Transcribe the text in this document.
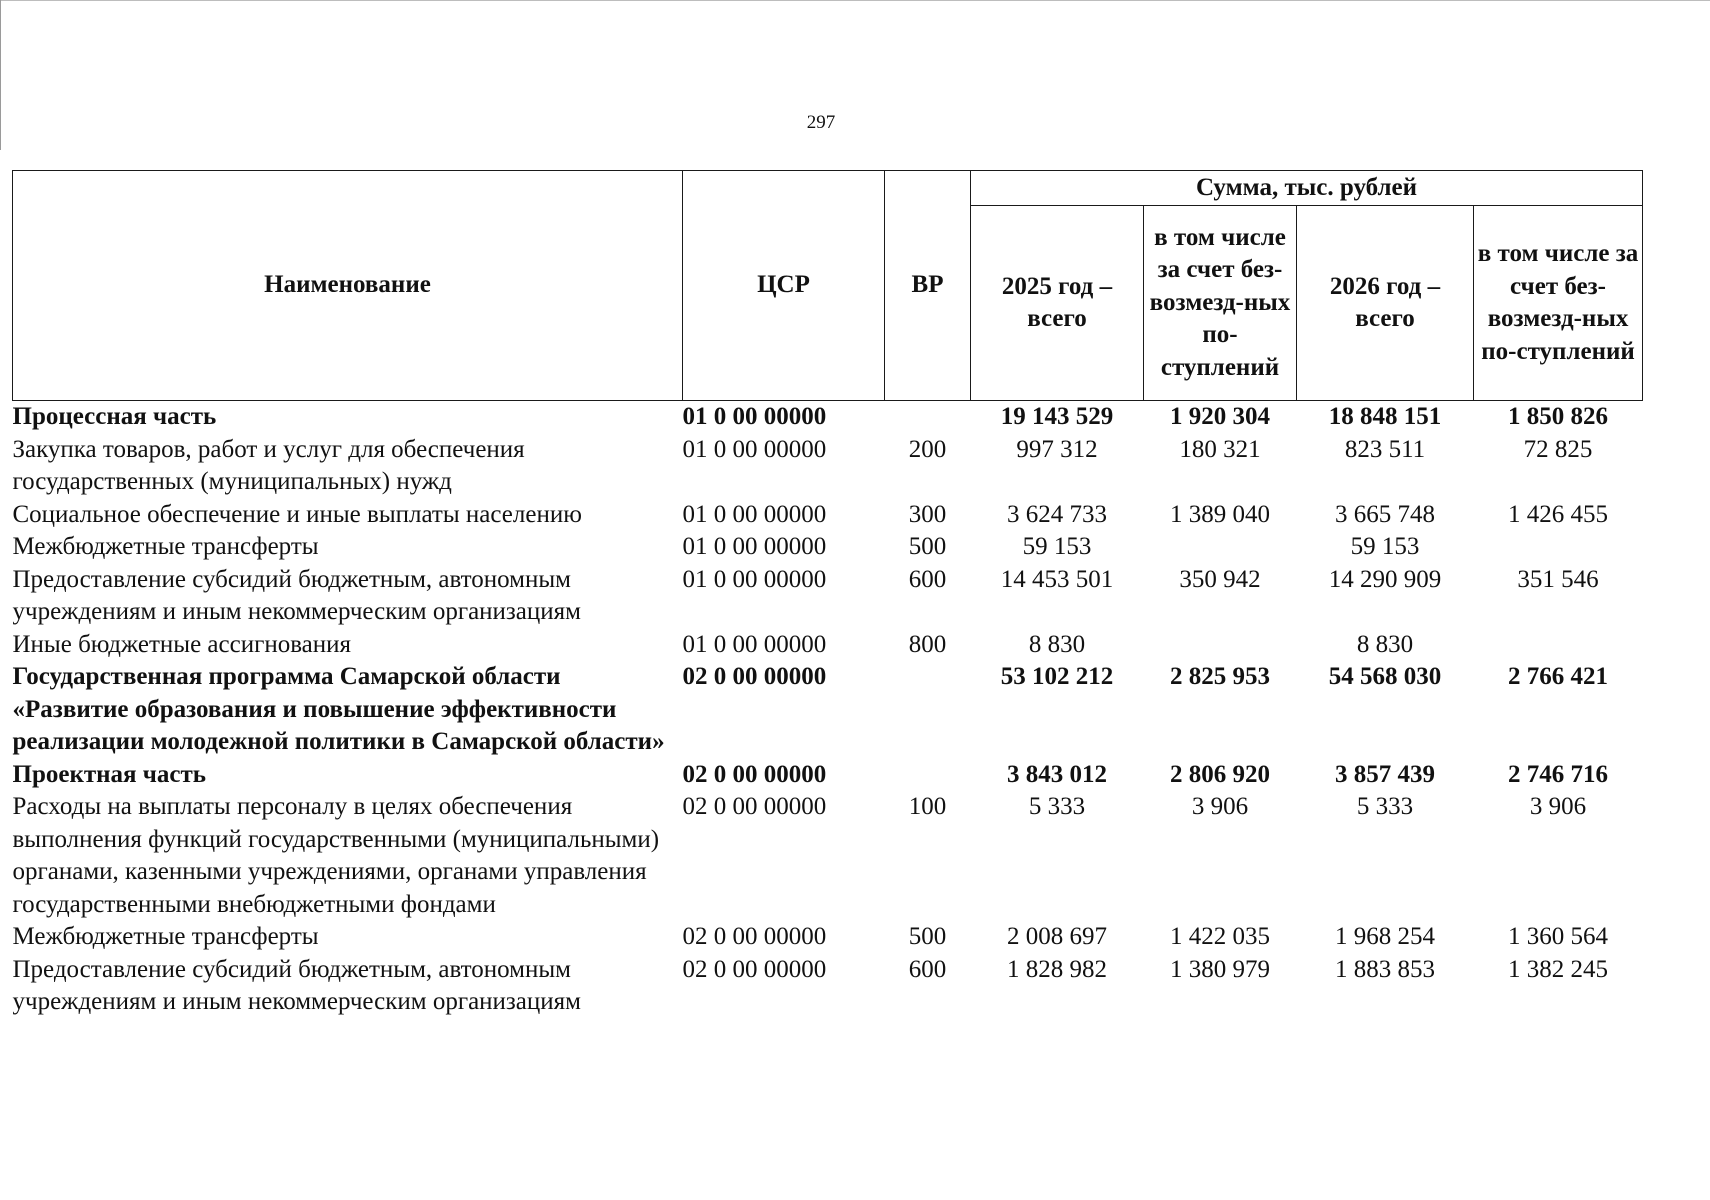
297
Наименование	ЦСР	ВР	Сумма, тыс. рублей			
			2025 год – всего	в том числе за счет без-возмезд-ных по-ступлений	2026 год – всего	в том числе за счет без-возмезд-ных по-ступлений
Процессная часть	01 0 00 00000		19 143 529	1 920 304	18 848 151	1 850 826
Закупка товаров, работ и услуг для обеспечения государственных (муниципальных) нужд	01 0 00 00000	200	997 312	180 321	823 511	72 825
Социальное обеспечение и иные выплаты населению	01 0 00 00000	300	3 624 733	1 389 040	3 665 748	1 426 455
Межбюджетные трансферты	01 0 00 00000	500	59 153		59 153	
Предоставление субсидий бюджетным, автономным учреждениям и иным некоммерческим организациям	01 0 00 00000	600	14 453 501	350 942	14 290 909	351 546
Иные бюджетные ассигнования	01 0 00 00000	800	8 830		8 830	
Государственная программа Самарской области «Развитие образования и повышение эффективности реализации молодежной политики в Самарской области»	02 0 00 00000		53 102 212	2 825 953	54 568 030	2 766 421
Проектная часть	02 0 00 00000		3 843 012	2 806 920	3 857 439	2 746 716
Расходы на выплаты персоналу в целях обеспечения выполнения функций государственными (муниципальными) органами, казенными учреждениями, органами управления государственными внебюджетными фондами	02 0 00 00000	100	5 333	3 906	5 333	3 906
Межбюджетные трансферты	02 0 00 00000	500	2 008 697	1 422 035	1 968 254	1 360 564
Предоставление субсидий бюджетным, автономным учреждениям и иным некоммерческим организациям	02 0 00 00000	600	1 828 982	1 380 979	1 883 853	1 382 245
